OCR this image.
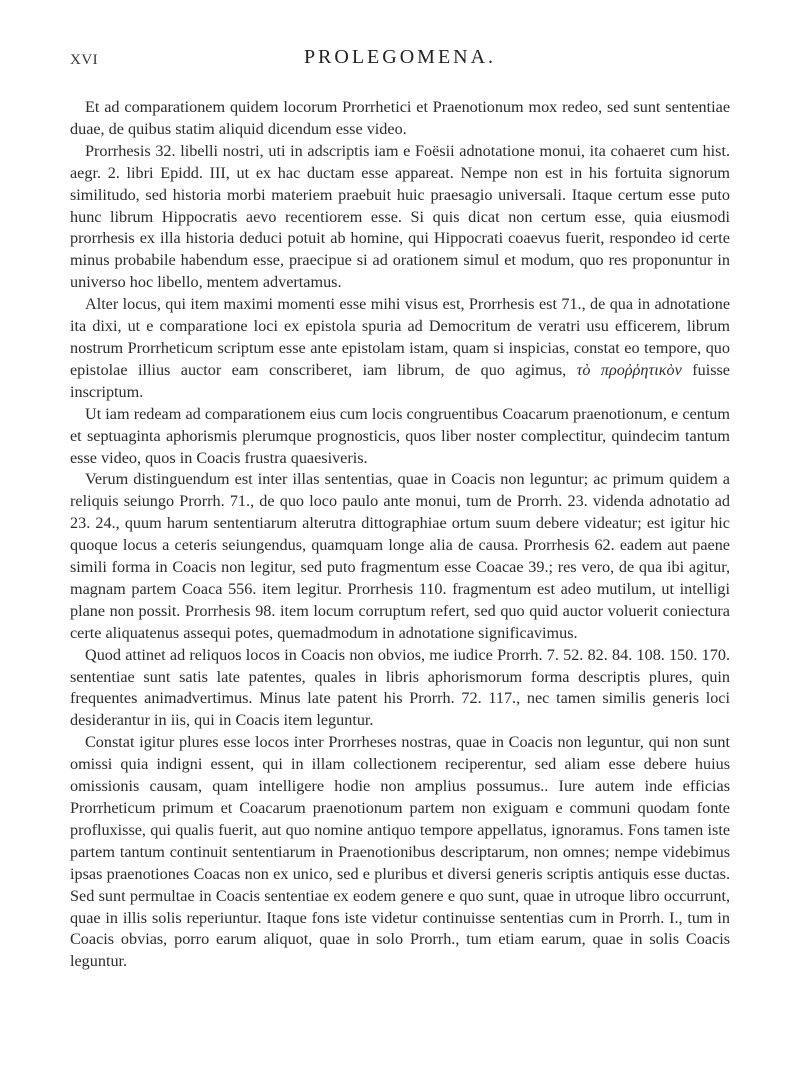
XVI	PROLEGOMENA.

Et ad comparationem quidem locorum Prorrhetici et Praenotionum mox redeo, sed sunt sententiae duae, de quibus statim aliquid dicendum esse video.

Prorrhesis 32. libelli nostri, uti in adscriptis iam e Foësii adnotatione monui, ita cohaeret cum hist. aegr. 2. libri Epidd. III, ut ex hac ductam esse appareat. Nempe non est in his fortuita signorum similitudo, sed historia morbi materiem praebuit huic praesagio universali. Itaque certum esse puto hunc librum Hippocratis aevo recentiorem esse. Si quis dicat non certum esse, quia eiusmodi prorrhesis ex illa historia deduci potuit ab homine, qui Hippocrati coaevus fuerit, respondeo id certe minus probabile habendum esse, praecipue si ad orationem simul et modum, quo res proponuntur in universo hoc libello, mentem advertamus.

Alter locus, qui item maximi momenti esse mihi visus est, Prorrhesis est 71., de qua in adnotatione ita dixi, ut e comparatione loci ex epistola spuria ad Democritum de veratri usu efficerem, librum nostrum Prorrheticum scriptum esse ante epistolam istam, quam si inspicias, constat eo tempore, quo epistolae illius auctor eam conscriberet, iam librum, de quo agimus, τὸ προῤῥητικὸν fuisse inscriptum.

Ut iam redeam ad comparationem eius cum locis congruentibus Coacarum praenotionum, e centum et septuaginta aphorismis plerumque prognosticis, quos liber noster complectitur, quindecim tantum esse video, quos in Coacis frustra quaesiveris.

Verum distinguendum est inter illas sententias, quae in Coacis non leguntur; ac primum quidem a reliquis seiungo Prorrh. 71., de quo loco paulo ante monui, tum de Prorrh. 23. videnda adnotatio ad 23. 24., quum harum sententiarum alterutra dittographiae ortum suum debere videatur; est igitur hic quoque locus a ceteris seiungendus, quamquam longe alia de causa. Prorrhesis 62. eadem aut paene simili forma in Coacis non legitur, sed puto fragmentum esse Coacae 39.; res vero, de qua ibi agitur, magnam partem Coaca 556. item legitur. Prorrhesis 110. fragmentum est adeo mutilum, ut intelligi plane non possit. Prorrhesis 98. item locum corruptum refert, sed quo quid auctor voluerit coniectura certe aliquatenus assequi potes, quemadmodum in adnotatione significavimus.

Quod attinet ad reliquos locos in Coacis non obvios, me iudice Prorrh. 7. 52. 82. 84. 108. 150. 170. sententiae sunt satis late patentes, quales in libris aphorismorum forma descriptis plures, quin frequentes animadvertimus. Minus late patent his Prorrh. 72. 117., nec tamen similis generis loci desiderantur in iis, qui in Coacis item leguntur.

Constat igitur plures esse locos inter Prorrheses nostras, quae in Coacis non leguntur, qui non sunt omissi quia indigni essent, qui in illam collectionem reciperentur, sed aliam esse debere huius omissionis causam, quam intelligere hodie non amplius possumus.. Iure autem inde efficias Prorrheticum primum et Coacarum praenotionum partem non exiguam e communi quodam fonte profluxisse, qui qualis fuerit, aut quo nomine antiquo tempore appellatus, ignoramus. Fons tamen iste partem tantum continuit sententiarum in Praenotionibus descriptarum, non omnes; nempe videbimus ipsas praenotiones Coacas non ex unico, sed e pluribus et diversi generis scriptis antiquis esse ductas. Sed sunt permultae in Coacis sententiae ex eodem genere e quo sunt, quae in utroque libro occurrunt, quae in illis solis reperiuntur. Itaque fons iste videtur continuisse sententias cum in Prorrh. I., tum in Coacis obvias, porro earum aliquot, quae in solo Prorrh., tum etiam earum, quae in solis Coacis leguntur.
